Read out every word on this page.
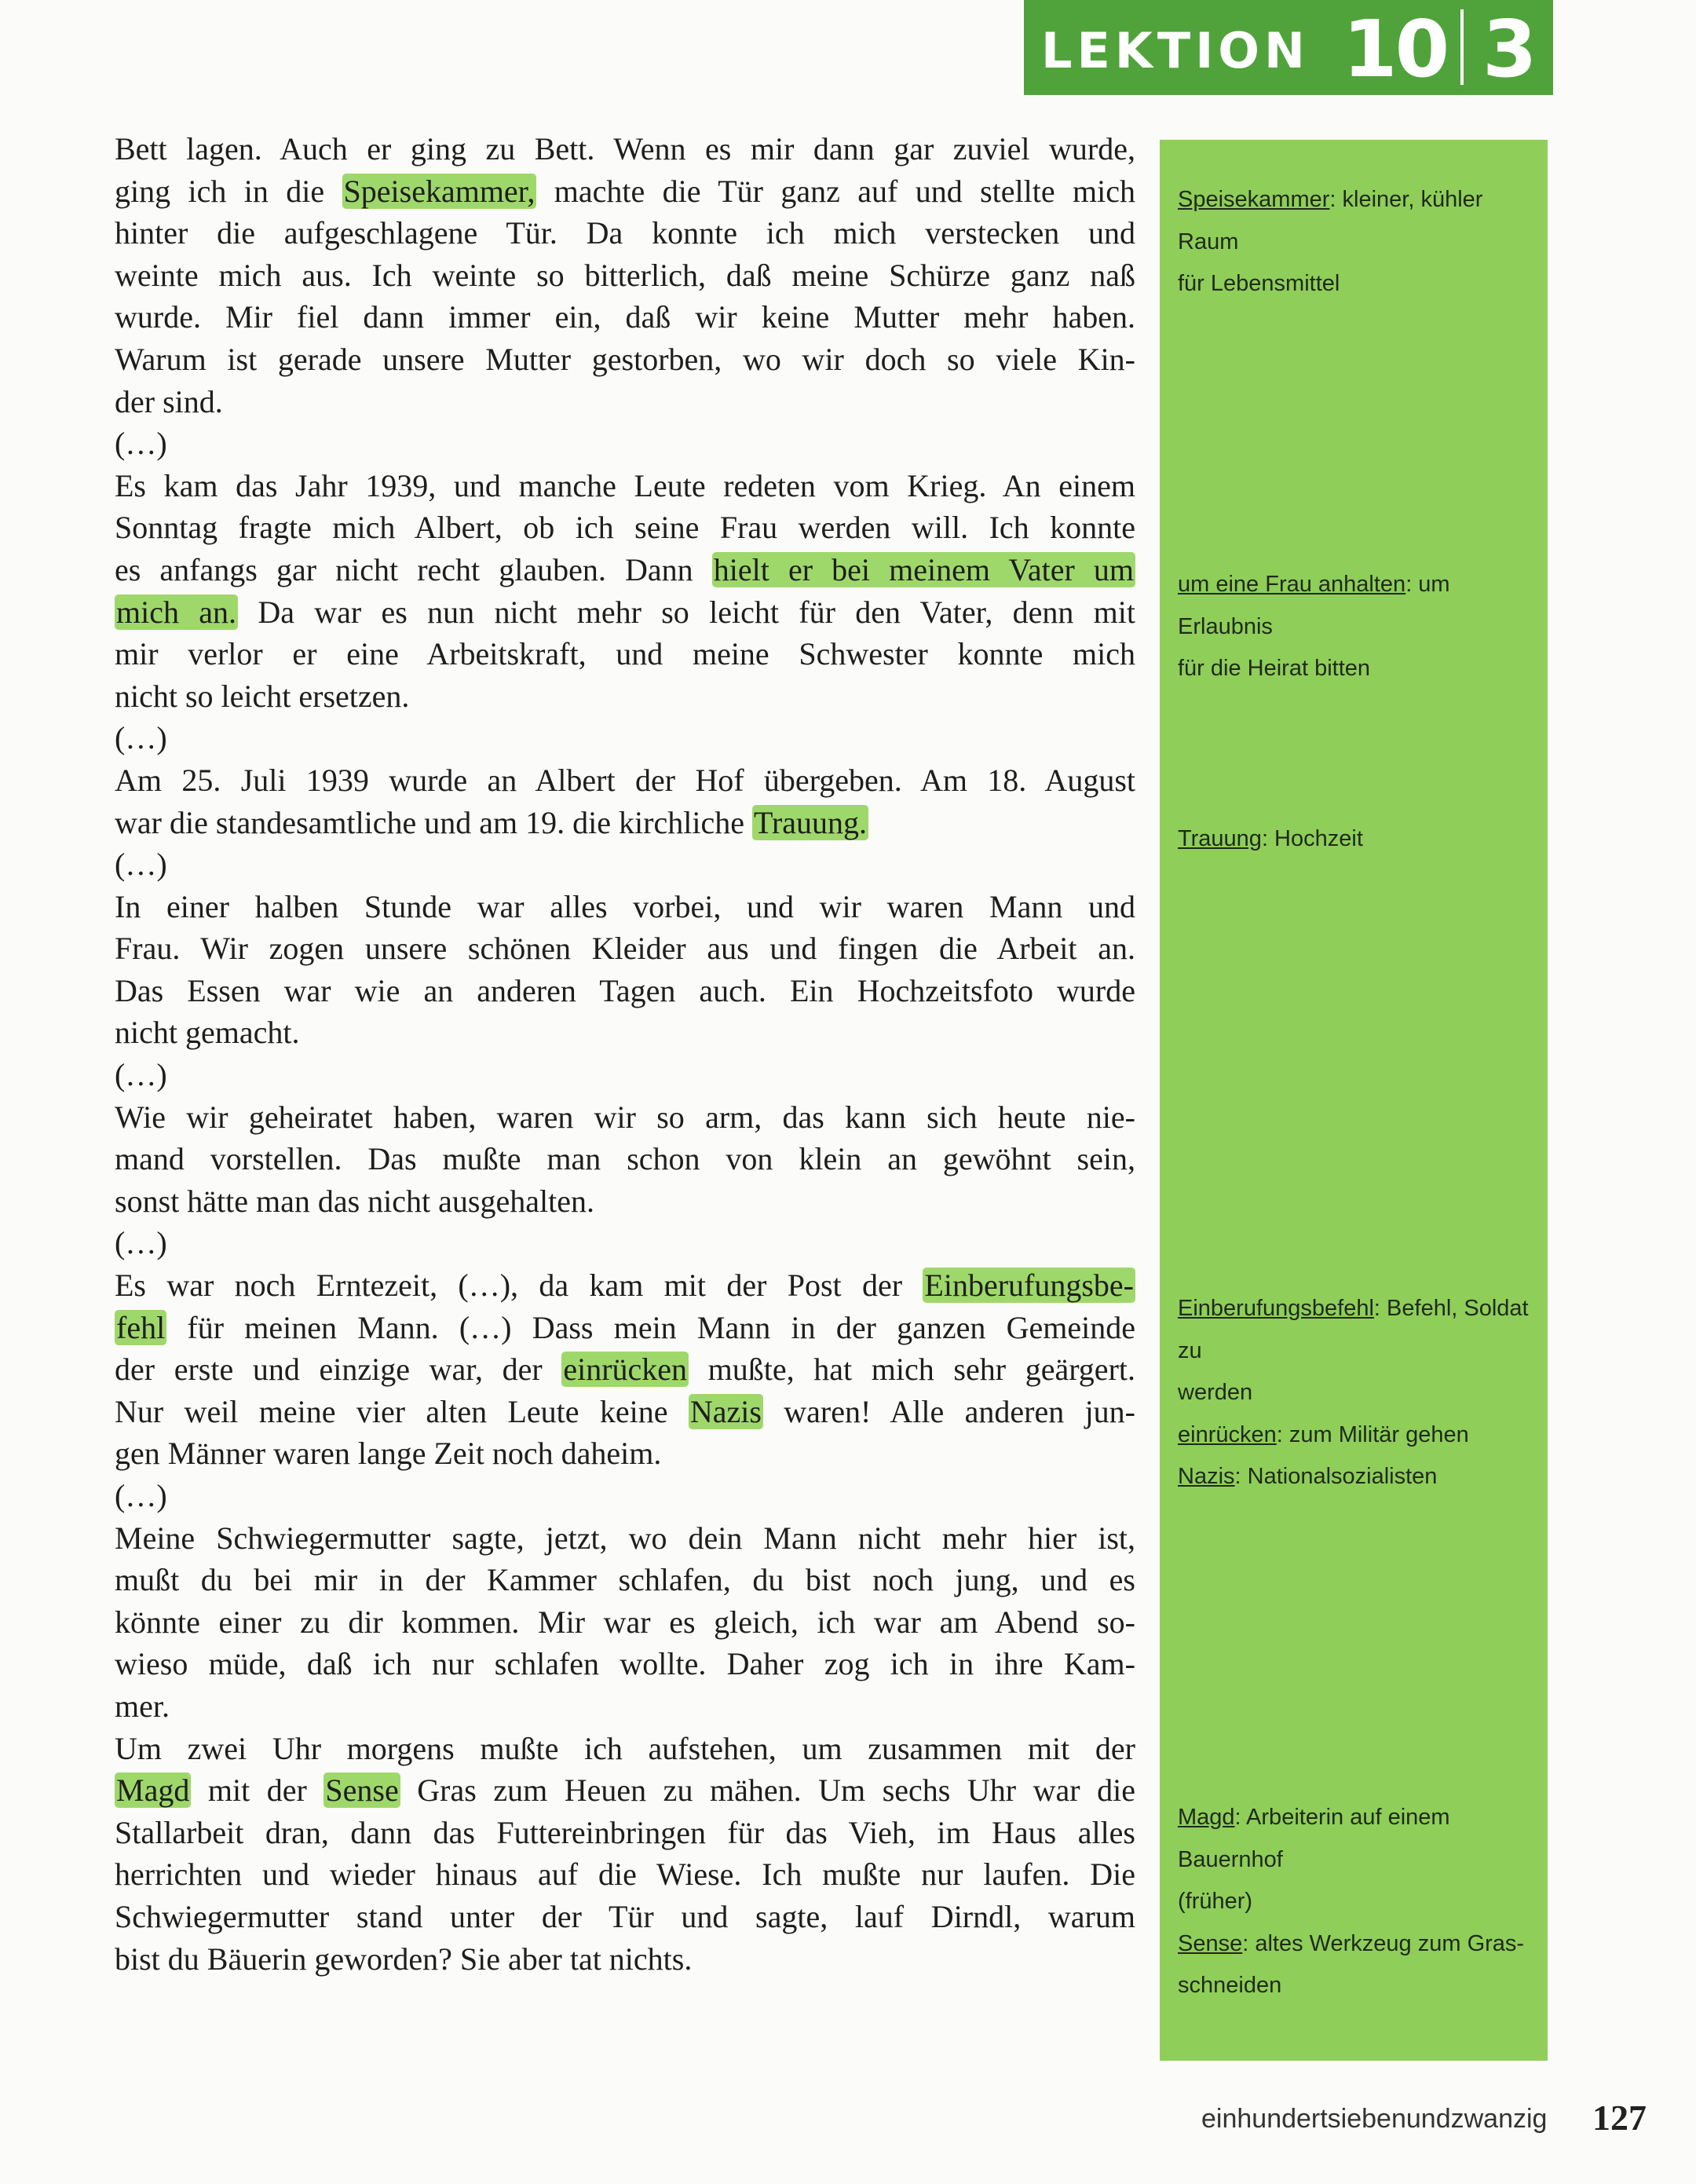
LEKTION 10 3
Bett lagen. Auch er ging zu Bett. Wenn es mir dann gar zuviel wurde,
ging ich in die Speisekammer, machte die Tür ganz auf und stellte mich
hinter die aufgeschlagene Tür. Da konnte ich mich verstecken und
weinte mich aus. Ich weinte so bitterlich, daß meine Schürze ganz naß
wurde. Mir fiel dann immer ein, daß wir keine Mutter mehr haben.
Warum ist gerade unsere Mutter gestorben, wo wir doch so viele Kin-
der sind.
(…)
Es kam das Jahr 1939, und manche Leute redeten vom Krieg. An einem
Sonntag fragte mich Albert, ob ich seine Frau werden will. Ich konnte
es anfangs gar nicht recht glauben. Dann hielt er bei meinem Vater um
mich an. Da war es nun nicht mehr so leicht für den Vater, denn mit
mir verlor er eine Arbeitskraft, und meine Schwester konnte mich
nicht so leicht ersetzen.
(…)
Am 25. Juli 1939 wurde an Albert der Hof übergeben. Am 18. August
war die standesamtliche und am 19. die kirchliche Trauung.
(…)
In einer halben Stunde war alles vorbei, und wir waren Mann und
Frau. Wir zogen unsere schönen Kleider aus und fingen die Arbeit an.
Das Essen war wie an anderen Tagen auch. Ein Hochzeitsfoto wurde
nicht gemacht.
(…)
Wie wir geheiratet haben, waren wir so arm, das kann sich heute nie-
mand vorstellen. Das mußte man schon von klein an gewöhnt sein,
sonst hätte man das nicht ausgehalten.
(…)
Es war noch Erntezeit, (…), da kam mit der Post der Einberufungsbe-
fehl für meinen Mann. (…) Dass mein Mann in der ganzen Gemeinde
der erste und einzige war, der einrücken mußte, hat mich sehr geärgert.
Nur weil meine vier alten Leute keine Nazis waren! Alle anderen jun-
gen Männer waren lange Zeit noch daheim.
(…)
Meine Schwiegermutter sagte, jetzt, wo dein Mann nicht mehr hier ist,
mußt du bei mir in der Kammer schlafen, du bist noch jung, und es
könnte einer zu dir kommen. Mir war es gleich, ich war am Abend so-
wieso müde, daß ich nur schlafen wollte. Daher zog ich in ihre Kam-
mer.
Um zwei Uhr morgens mußte ich aufstehen, um zusammen mit der
Magd mit der Sense Gras zum Heuen zu mähen. Um sechs Uhr war die
Stallarbeit dran, dann das Futtereinbringen für das Vieh, im Haus alles
herrichten und wieder hinaus auf die Wiese. Ich mußte nur laufen. Die
Schwiegermutter stand unter der Tür und sagte, lauf Dirndl, warum
bist du Bäuerin geworden? Sie aber tat nichts.
Speisekammer: kleiner, kühler Raum
für Lebensmittel
um eine Frau anhalten: um Erlaubnis
für die Heirat bitten
Trauung: Hochzeit
Einberufungsbefehl: Befehl, Soldat zu
werden
einrücken: zum Militär gehen
Nazis: Nationalsozialisten
Magd: Arbeiterin auf einem Bauernhof
(früher)
Sense: altes Werkzeug zum Gras-
schneiden
einhundertsiebenundzwanzig 127
